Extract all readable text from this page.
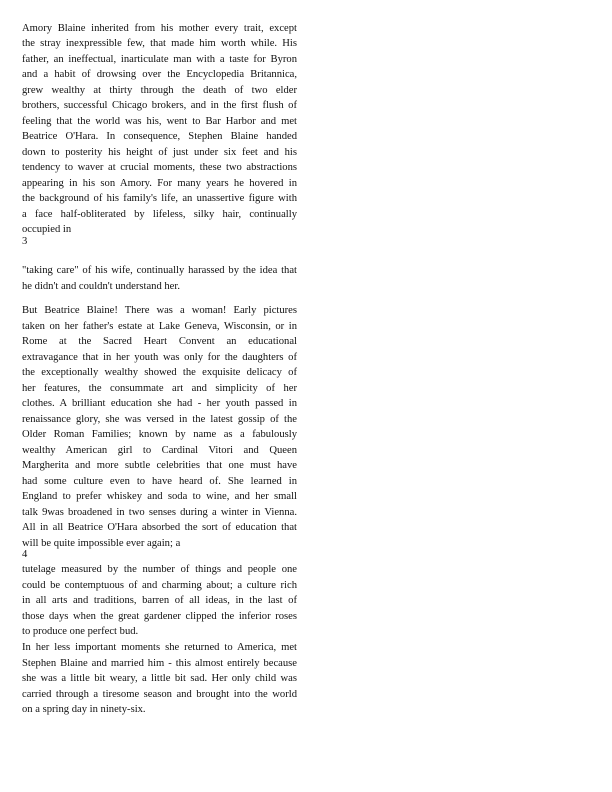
Amory Blaine inherited from his mother every trait, except
the stray inexpressible few, that made him worth while. His
father, an ineffectual, inarticulate man with a taste for Byron
and a habit of drowsing over the Encyclopedia Britannica,
grew wealthy at thirty through the death of two elder
brothers, successful Chicago brokers, and in the first flush of
feeling that the world was his, went to Bar Harbor and met
Beatrice O'Hara. In consequence, Stephen Blaine handed
down to posterity his height of just under six feet and his
tendency to waver at crucial moments, these two abstractions
appearing in his son Amory. For many years he hovered in
the background of his family's life, an unassertive figure with
a face half-obliterated by lifeless, silky hair, continually
occupied in
3
"taking care" of his wife, continually harassed by the idea that
he didn't and couldn't understand her.
But Beatrice Blaine! There was a woman! Early pictures
taken on her father's estate at Lake Geneva, Wisconsin, or in
Rome at the Sacred Heart Convent an educational
extravagance that in her youth was only for the daughters of
the exceptionally wealthy showed the exquisite delicacy of
her features, the consummate art and simplicity of her
clothes. A brilliant education she had - her youth passed in
renaissance glory, she was versed in the latest gossip of the
Older Roman Families; known by name as a fabulously
wealthy American girl to Cardinal Vitori and Queen
Margherita and more subtle celebrities that one must have
had some culture even to have heard of. She learned in
England to prefer whiskey and soda to wine, and her small
talk 9was broadened in two senses during a winter in Vienna.
All in all Beatrice O'Hara absorbed the sort of education that
will be quite impossible ever again; a
4
tutelage measured by the number of things and people one
could be contemptuous of and charming about; a culture rich
in all arts and traditions, barren of all ideas, in the last of
those days when the great gardener clipped the inferior roses
to produce one perfect bud.
In her less important moments she returned to America, met
Stephen Blaine and married him - this almost entirely because
she was a little bit weary, a little bit sad. Her only child was
carried through a tiresome season and brought into the world
on a spring day in ninety-six.
